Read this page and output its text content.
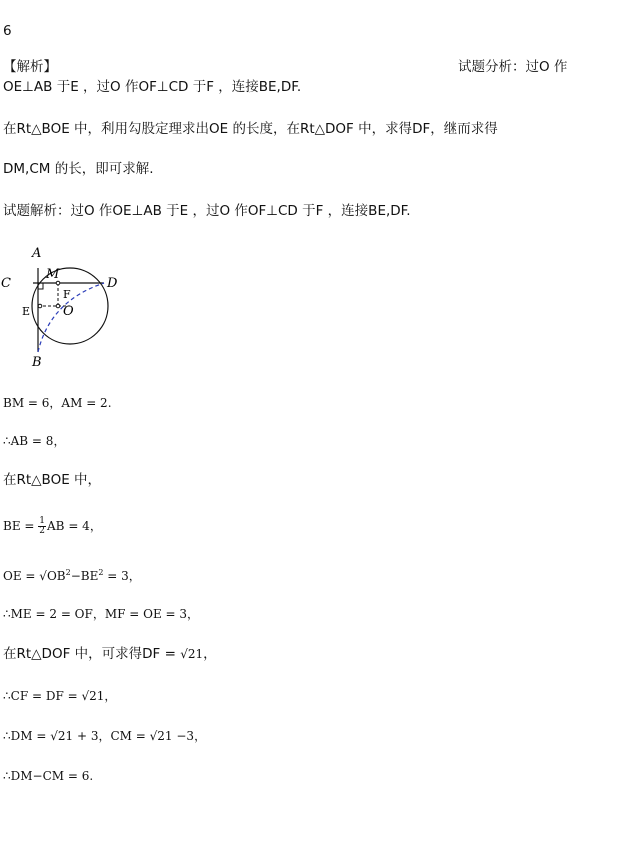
6
【解析】	试题分析：过O 作
OE⊥AB 于E ，过O 作OF⊥CD 于F ，连接BE,DF.
在Rt△BOE 中，利用勾股定理求出OE 的长度，在Rt△DOF 中，求得DF，继而求得
DM,CM 的长，即可求解.
试题解析：过O 作OE⊥AB 于E ，过O 作OF⊥CD 于F ，连接BE,DF.
A
B
C	D
M
F
E	O
BM = 6，AM = 2.
∴AB = 8，
在Rt△BOE 中，
BE = $\frac{1}{2}$ AB = 4，
OE = $√OB^2-BE^2 = 3$，
∴ME = 2 = OF，MF = OE = 3，
在Rt△DOF 中，可求得DF = √21，
∴CF = DF = √21，
∴DM = √21 + 3，CM = √21 −3，
∴DM−CM = 6.
